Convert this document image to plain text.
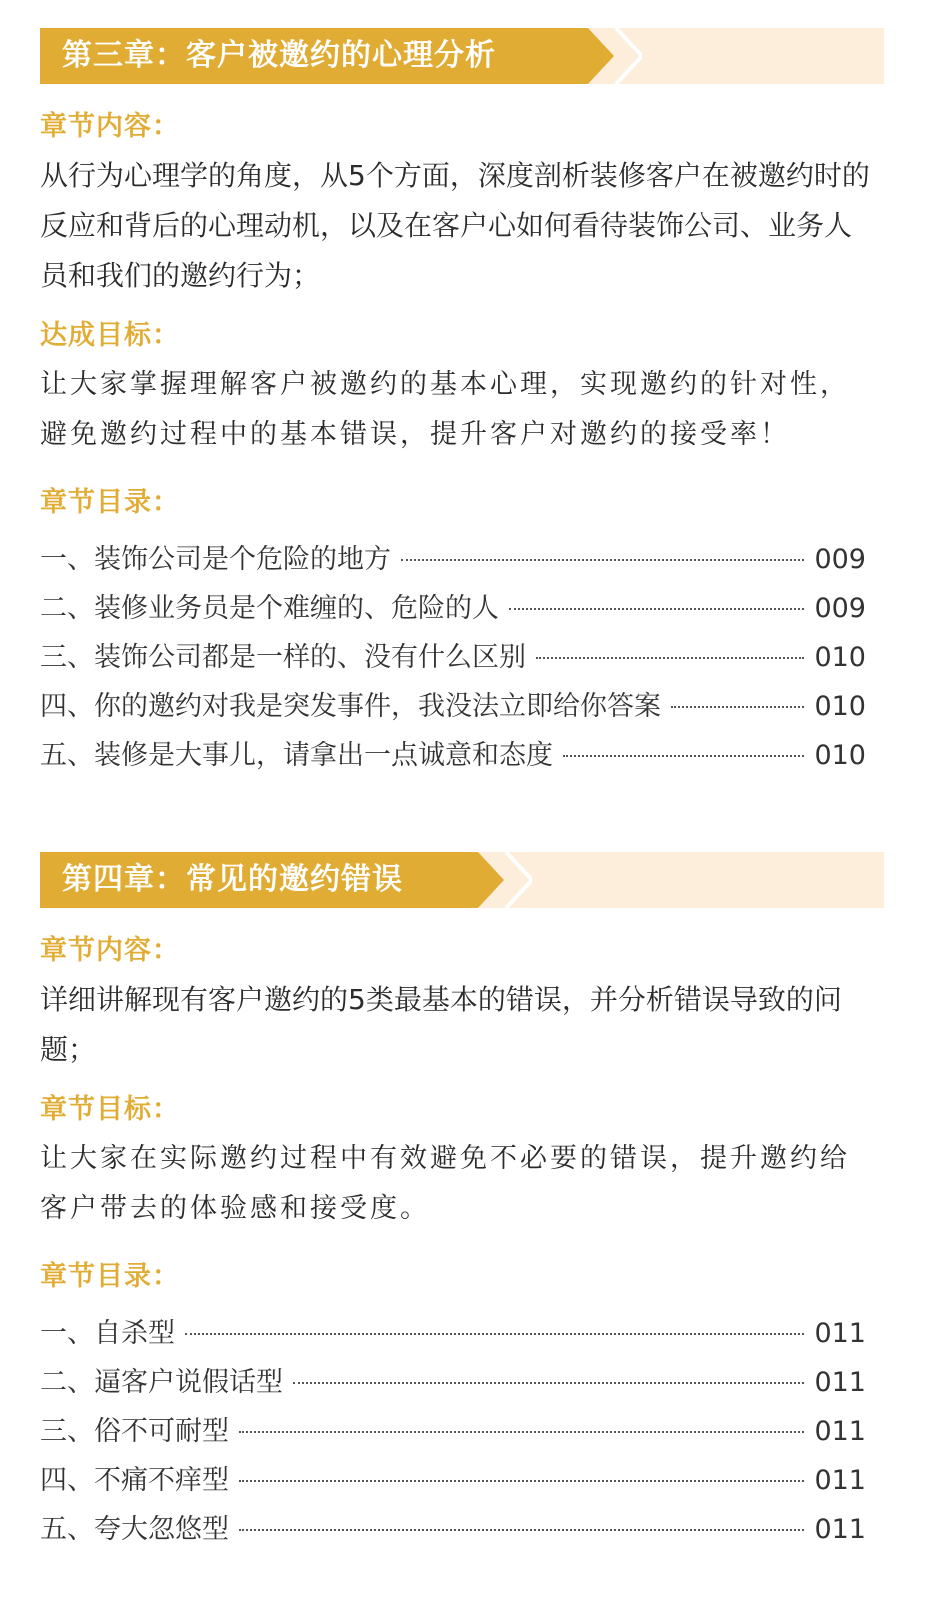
第三章：客户被邀约的心理分析
章节内容：

从行为心理学的角度，从5个方面，深度剖析装修客户在被邀约时的反应和背后的心理动机，以及在客户心如何看待装饰公司、业务人员和我们的邀约行为；

达成目标：

让大家掌握理解客户被邀约的基本心理，实现邀约的针对性，避免邀约过程中的基本错误，提升客户对邀约的接受率！

章节目录：
一、装饰公司是个危险的地方	009
二、装修业务员是个难缠的、危险的人	009
三、装饰公司都是一样的、没有什么区别	010
四、你的邀约对我是突发事件，我没法立即给你答案	010
五、装修是大事儿，请拿出一点诚意和态度	010
第四章：常见的邀约错误
章节内容：

详细讲解现有客户邀约的5类最基本的错误，并分析错误导致的问题；

章节目标：

让大家在实际邀约过程中有效避免不必要的错误，提升邀约给客户带去的体验感和接受度。

章节目录：
一、自杀型	011
二、逼客户说假话型	011
三、俗不可耐型	011
四、不痛不痒型	011
五、夸大忽悠型	011
